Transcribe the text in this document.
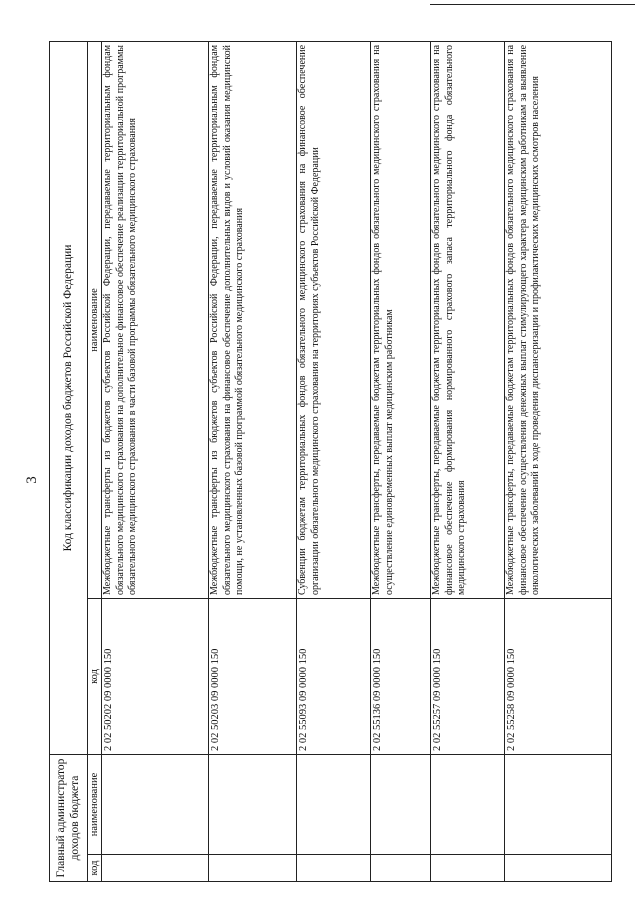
3
Главный администратор доходов бюджета		Код классификации доходов бюджетов Российской Федерации	
код	наименование	код	наименование
		2 02 50202 09 0000 150	Межбюджетные трансферты из бюджетов субъектов Российской Федерации, передаваемые территориальным фондам обязательного медицинского страхования на дополнительное финансовое обеспечение реализации территориальной программы обязательного медицинского страхования в части базовой программы обязательного медицинского страхования
		2 02 50203 09 0000 150	Межбюджетные трансферты из бюджетов субъектов Российской Федерации, передаваемые территориальным фондам обязательного медицинского страхования на финансовое обеспечение дополнительных видов и условий оказания медицинской помощи, не установленных базовой программой обязательного медицинского страхования
		2 02 55093 09 0000 150	Субвенции бюджетам территориальных фондов обязательного медицинского страхования на финансовое обеспечение организации обязательного медицинского страхования на территориях субъектов Российской Федерации
		2 02 55136 09 0000 150	Межбюджетные трансферты, передаваемые бюджетам территориальных фондов обязательного медицинского страхования на осуществление единовременных выплат медицинским работникам
		2 02 55257 09 0000 150	Межбюджетные трансферты, передаваемые бюджетам территориальных фондов обязательного медицинского страхования на финансовое обеспечение формирования нормированного страхового запаса территориального фонда обязательного медицинского страхования
		2 02 55258 09 0000 150	Межбюджетные трансферты, передаваемые бюджетам территориальных фондов обязательного медицинского страхования на финансовое обеспечение осуществления денежных выплат стимулирующего характера медицинским работникам за выявление онкологических заболеваний в ходе проведения диспансеризации и профилактических медицинских осмотров населения
